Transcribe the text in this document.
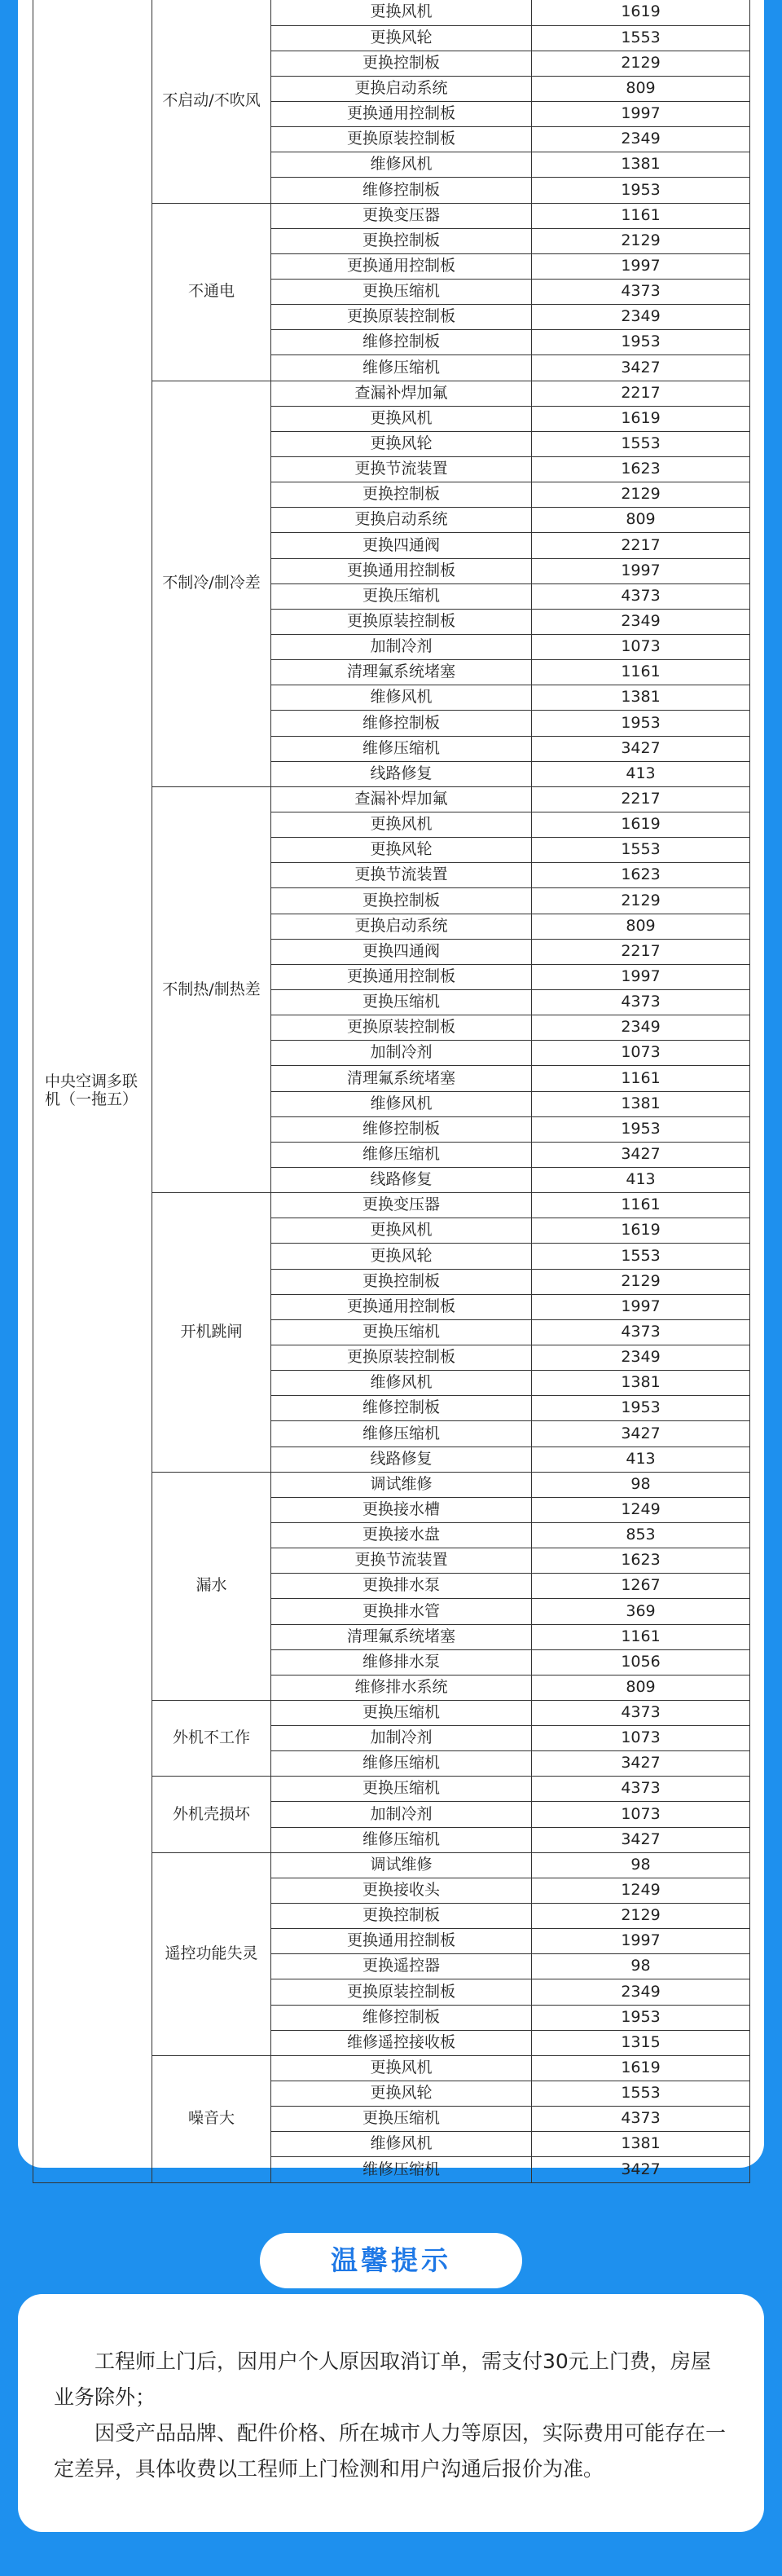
中央空调多联机（一拖五）	不启动/不吹风	更换风机	1619
		更换风轮	1553
		更换控制板	2129
		更换启动系统	809
		更换通用控制板	1997
		更换原装控制板	2349
		维修风机	1381
		维修控制板	1953
	不通电	更换变压器	1161
		更换控制板	2129
		更换通用控制板	1997
		更换压缩机	4373
		更换原装控制板	2349
		维修控制板	1953
		维修压缩机	3427
	不制冷/制冷差	查漏补焊加氟	2217
		更换风机	1619
		更换风轮	1553
		更换节流装置	1623
		更换控制板	2129
		更换启动系统	809
		更换四通阀	2217
		更换通用控制板	1997
		更换压缩机	4373
		更换原装控制板	2349
		加制冷剂	1073
		清理氟系统堵塞	1161
		维修风机	1381
		维修控制板	1953
		维修压缩机	3427
		线路修复	413
	不制热/制热差	查漏补焊加氟	2217
		更换风机	1619
		更换风轮	1553
		更换节流装置	1623
		更换控制板	2129
		更换启动系统	809
		更换四通阀	2217
		更换通用控制板	1997
		更换压缩机	4373
		更换原装控制板	2349
		加制冷剂	1073
		清理氟系统堵塞	1161
		维修风机	1381
		维修控制板	1953
		维修压缩机	3427
		线路修复	413
	开机跳闸	更换变压器	1161
		更换风机	1619
		更换风轮	1553
		更换控制板	2129
		更换通用控制板	1997
		更换压缩机	4373
		更换原装控制板	2349
		维修风机	1381
		维修控制板	1953
		维修压缩机	3427
		线路修复	413
	漏水	调试维修	98
		更换接水槽	1249
		更换接水盘	853
		更换节流装置	1623
		更换排水泵	1267
		更换排水管	369
		清理氟系统堵塞	1161
		维修排水泵	1056
		维修排水系统	809
	外机不工作	更换压缩机	4373
		加制冷剂	1073
		维修压缩机	3427
	外机壳损坏	更换压缩机	4373
		加制冷剂	1073
		维修压缩机	3427
	遥控功能失灵	调试维修	98
		更换接收头	1249
		更换控制板	2129
		更换通用控制板	1997
		更换遥控器	98
		更换原装控制板	2349
		维修控制板	1953
		维修遥控接收板	1315
	噪音大	更换风机	1619
		更换风轮	1553
		更换压缩机	4373
		维修风机	1381
		维修压缩机	3427
温馨提示

工程师上门后，因用户个人原因取消订单，需支付30元上门费，房屋业务除外；

因受产品品牌、配件价格、所在城市人力等原因，实际费用可能存在一定差异，具体收费以工程师上门检测和用户沟通后报价为准。
